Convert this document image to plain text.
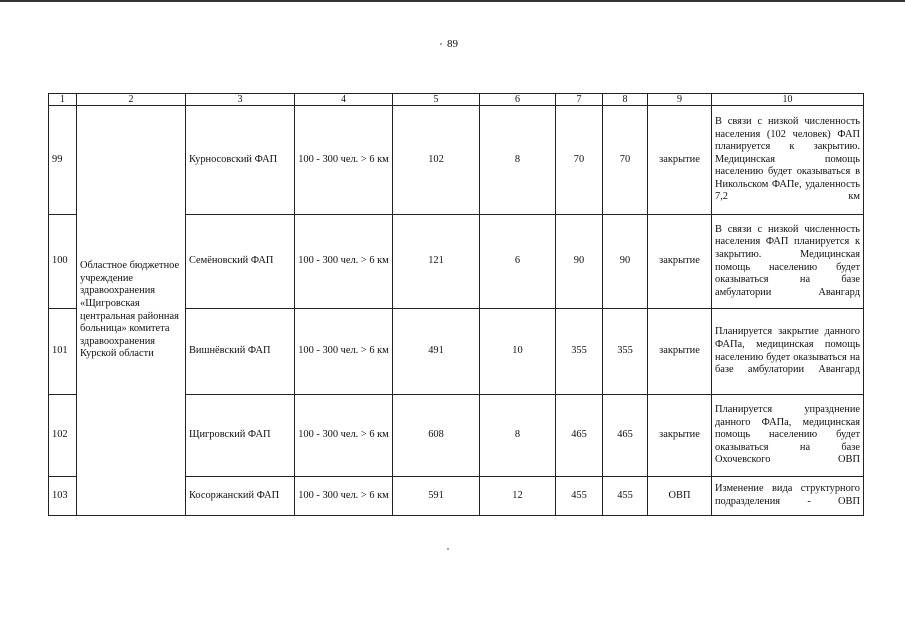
89
1	2	3	4	5	6	7	8	9	10
99	Областное бюджетное учреждение здравоохранения «Щигровская центральная районная больница» комитета здравоохранения Курской области	Курносовский ФАП	100 - 300 чел. > 6 км	102	8	70	70	закрытие	В связи с низкой численность населения (102 человек) ФАП планируется к закрытию. Медицинская помощь населению будет оказываться в Никольском ФАПе, удаленность 7,2 км
100		Семёновский ФАП	100 - 300 чел. > 6 км	121	6	90	90	закрытие	В связи с низкой численность населения ФАП планируется к закрытию. Медицинская помощь населению будет оказываться на базе амбулатории Авангард
101		Вишнёвский ФАП	100 - 300 чел. > 6 км	491	10	355	355	закрытие	Планируется закрытие данного ФАПа, медицинская помощь населению будет оказываться на базе амбулатории Авангард
102		Щигровский ФАП	100 - 300 чел. > 6 км	608	8	465	465	закрытие	Планируется упразднение данного ФАПа, медицинская помощь населению будет оказываться на базе Охочевского ОВП
103		Косоржанский ФАП	100 - 300 чел. > 6 км	591	12	455	455	ОВП	Изменение вида структурного подразделения - ОВП
